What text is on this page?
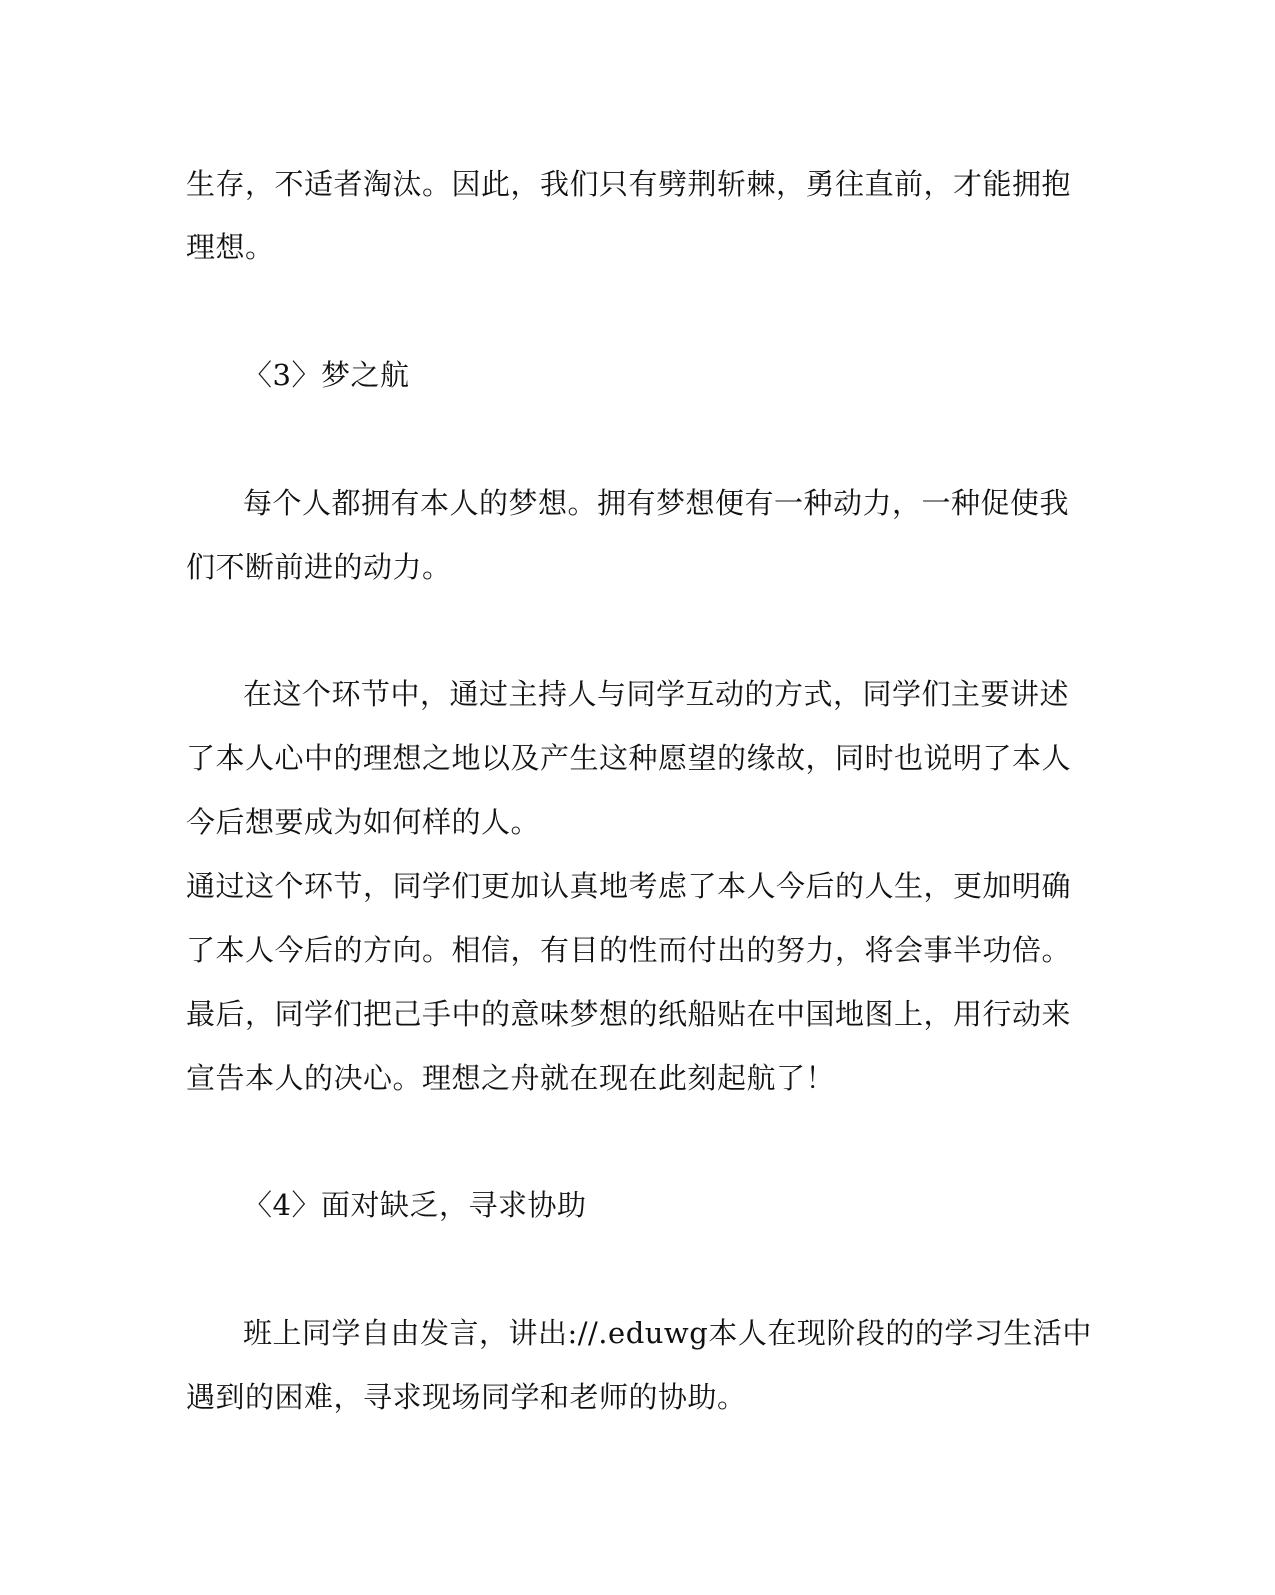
生存，不适者淘汰。因此，我们只有劈荆斩棘，勇往直前，才能拥抱
理想。
〈3〉梦之航
每个人都拥有本人的梦想。拥有梦想便有一种动力，一种促使我
们不断前进的动力。
在这个环节中，通过主持人与同学互动的方式，同学们主要讲述
了本人心中的理想之地以及产生这种愿望的缘故，同时也说明了本人
今后想要成为如何样的人。
通过这个环节，同学们更加认真地考虑了本人今后的人生，更加明确
了本人今后的方向。相信，有目的性而付出的努力，将会事半功倍。
最后，同学们把己手中的意味梦想的纸船贴在中国地图上，用行动来
宣告本人的决心。理想之舟就在现在此刻起航了！
〈4〉面对缺乏，寻求协助
班上同学自由发言，讲出://.eduwg本人在现阶段的的学习生活中
遇到的困难，寻求现场同学和老师的协助。
